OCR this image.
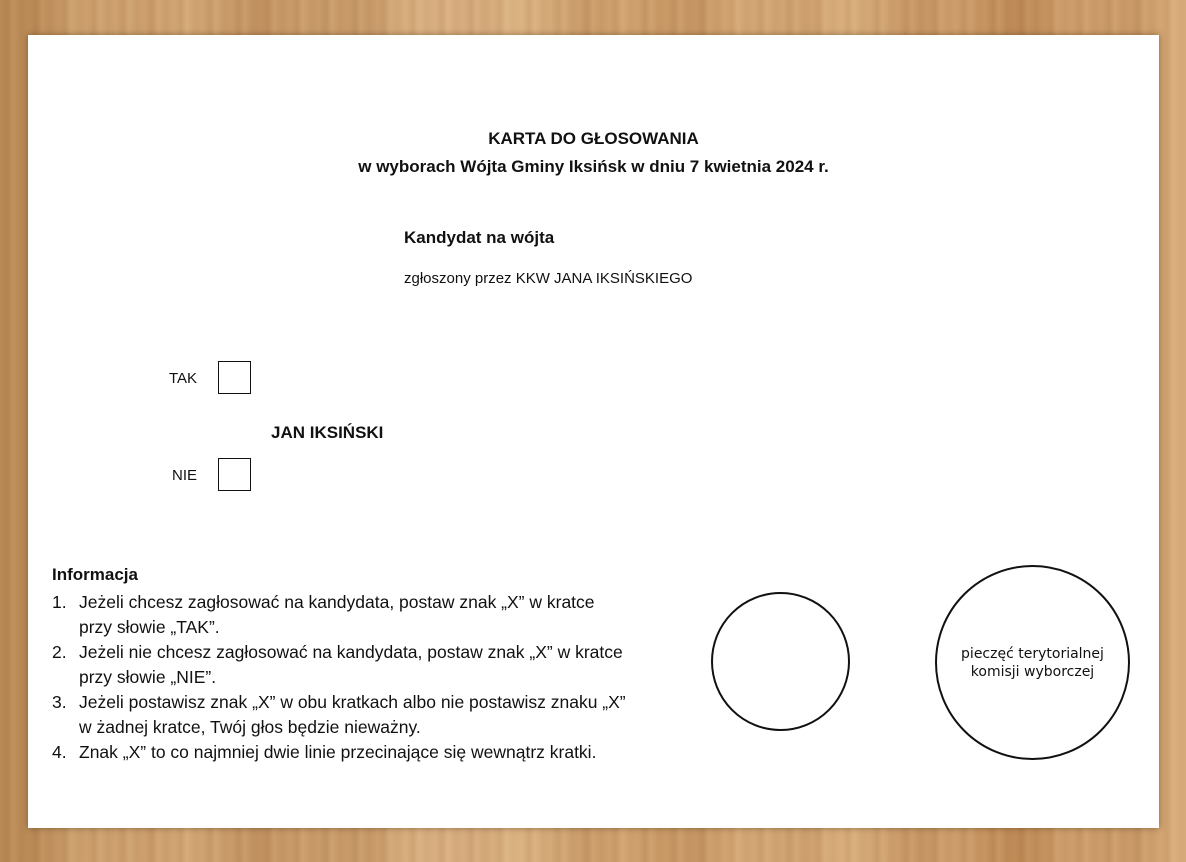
KARTA DO GŁOSOWANIA
w wyborach Wójta Gminy Iksińsk w dniu 7 kwietnia 2024 r.
Kandydat na wójta
zgłoszony przez KKW JANA IKSIŃSKIEGO
TAK
JAN IKSIŃSKI
NIE
Informacja
1. Jeżeli chcesz zagłosować na kandydata, postaw znak „X” w kratce
przy słowie „TAK”.
2. Jeżeli nie chcesz zagłosować na kandydata, postaw znak „X” w kratce
przy słowie „NIE”.
3. Jeżeli postawisz znak „X” w obu kratkach albo nie postawisz znaku „X”
w żadnej kratce, Twój głos będzie nieważny.
4. Znak „X” to co najmniej dwie linie przecinające się wewnątrz kratki.
pieczęć terytorialnej
komisji wyborczej
